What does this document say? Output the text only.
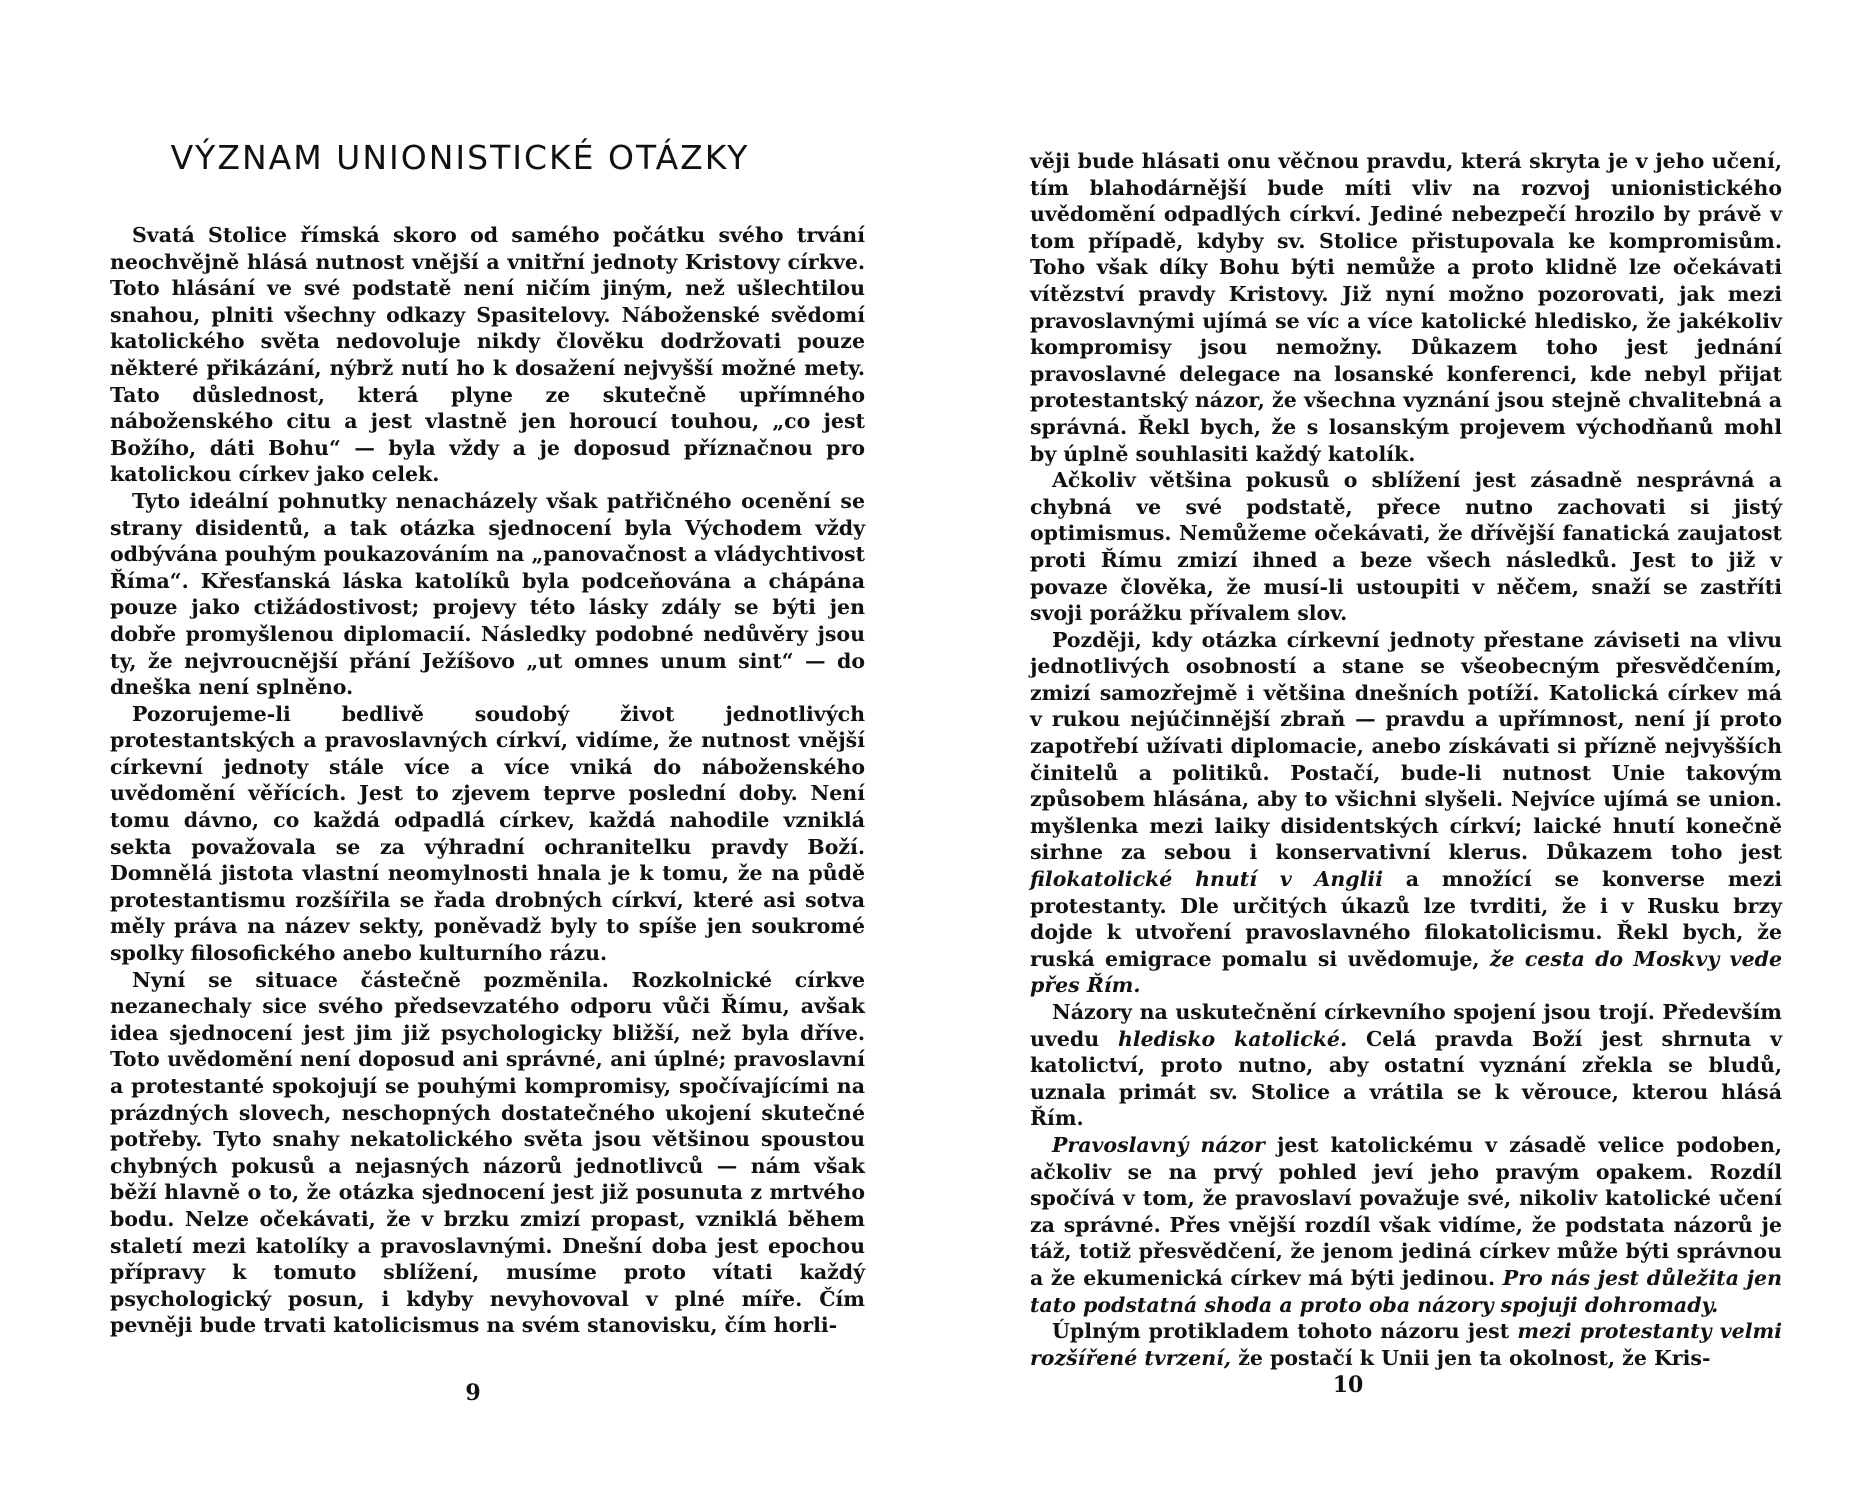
VÝZNAM UNIONISTICKÉ OTÁZKY

Svatá Stolice římská skoro od samého počátku svého trvání neochvějně hlásá nutnost vnější a vnitřní jednoty Kristovy církve. Toto hlásání ve své podstatě není ničím jiným, než ušlechtilou snahou, plniti všechny odkazy Spasitelovy. Náboženské svědomí katolického světa nedovoluje nikdy člověku dodržovati pouze některé přikázání, nýbrž nutí ho k dosažení nejvyšší možné mety. Tato důslednost, která plyne ze skutečně upřímného náboženského citu a jest vlastně jen horoucí touhou, „co jest Božího, dáti Bohu“ — byla vždy a je doposud příznačnou pro katolickou církev jako celek.

Tyto ideální pohnutky nenacházely však patřičného ocenění se strany disidentů, a tak otázka sjednocení byla Východem vždy odbývána pouhým poukazováním na „panovačnost a vládychtivost Říma“. Křesťanská láska katolíků byla podceňována a chápána pouze jako ctižádostivost; projevy této lásky zdály se býti jen dobře promyšlenou diplomacií. Následky podobné nedůvěry jsou ty, že nejvroucnější přání Ježíšovo „ut omnes unum sint“ — do dneška není splněno.

Pozorujeme-li bedlivě soudobý život jednotlivých protestantských a pravoslavných církví, vidíme, že nutnost vnější církevní jednoty stále více a více vniká do náboženského uvědomění věřících. Jest to zjevem teprve poslední doby. Není tomu dávno, co každá odpadlá církev, každá nahodile vzniklá sekta považovala se za výhradní ochranitelku pravdy Boží. Domnělá jistota vlastní neomylnosti hnala je k tomu, že na půdě protestantismu rozšířila se řada drobných církví, které asi sotva měly práva na název sekty, poněvadž byly to spíše jen soukromé spolky filosofického anebo kulturního rázu.

Nyní se situace částečně pozměnila. Rozkolnické církve nezanechaly sice svého předsevzatého odporu vůči Římu, avšak idea sjednocení jest jim již psychologicky bližší, než byla dříve. Toto uvědomění není doposud ani správné, ani úplné; pravoslavní a protestanté spokojují se pouhými kompromisy, spočívajícími na prázdných slovech, neschopných dostatečného ukojení skutečné potřeby. Tyto snahy nekatolického světa jsou většinou spoustou chybných pokusů a nejasných názorů jednotlivců — nám však běží hlavně o to, že otázka sjednocení jest již posunuta z mrtvého bodu. Nelze očekávati, že v brzku zmizí propast, vzniklá během staletí mezi katolíky a pravoslavnými. Dnešní doba jest epochou přípravy k tomuto sblížení, musíme proto vítati každý psychologický posun, i kdyby nevyhovoval v plné míře. Čím pevněji bude trvati katolicismus na svém stanovisku, čím horli-

9

věji bude hlásati onu věčnou pravdu, která skryta je v jeho učení, tím blahodárnější bude míti vliv na rozvoj unionistického uvědomění odpadlých církví. Jediné nebezpečí hrozilo by právě v tom případě, kdyby sv. Stolice přistupovala ke kompromisům. Toho však díky Bohu býti nemůže a proto klidně lze očekávati vítězství pravdy Kristovy. Již nyní možno pozorovati, jak mezi pravoslavnými ujímá se víc a více katolické hledisko, že jakékoliv kompromisy jsou nemožny. Důkazem toho jest jednání pravoslavné delegace na losanské konferenci, kde nebyl přijat protestantský názor, že všechna vyznání jsou stejně chvalitebná a správná. Řekl bych, že s losanským projevem východňanů mohl by úplně souhlasiti každý katolík.

Ačkoliv většina pokusů o sblížení jest zásadně nesprávná a chybná ve své podstatě, přece nutno zachovati si jistý optimismus. Nemůžeme očekávati, že dřívější fanatická zaujatost proti Římu zmizí ihned a beze všech následků. Jest to již v povaze člověka, že musí-li ustoupiti v něčem, snaží se zastříti svoji porážku přívalem slov.

Později, kdy otázka církevní jednoty přestane záviseti na vlivu jednotlivých osobností a stane se všeobecným přesvědčením, zmizí samozřejmě i většina dnešních potíží. Katolická církev má v rukou nejúčinnější zbraň — pravdu a upřímnost, není jí proto zapotřebí užívati diplomacie, anebo získávati si přízně nejvyšších činitelů a politiků. Postačí, bude-li nutnost Unie takovým způsobem hlásána, aby to všichni slyšeli. Nejvíce ujímá se union. myšlenka mezi laiky disidentských církví; laické hnutí konečně sirhne za sebou i konservativní klerus. Důkazem toho jest filokatolické hnutí v Anglii a množící se konverse mezi protestanty. Dle určitých úkazů lze tvrditi, že i v Rusku brzy dojde k utvoření pravoslavného filokatolicismu. Řekl bych, že ruská emigrace pomalu si uvědomuje, že cesta do Moskvy vede přes Řím.

Názory na uskutečnění církevního spojení jsou trojí. Především uvedu hledisko katolické. Celá pravda Boží jest shrnuta v katolictví, proto nutno, aby ostatní vyznání zřekla se bludů, uznala primát sv. Stolice a vrátila se k věrouce, kterou hlásá Řím.

Pravoslavný názor jest katolickému v zásadě velice podoben, ačkoliv se na prvý pohled jeví jeho pravým opakem. Rozdíl spočívá v tom, že pravoslaví považuje své, nikoliv katolické učení za správné. Přes vnější rozdíl však vidíme, že podstata názorů je táž, totiž přesvědčení, že jenom jediná církev může býti správnou a že ekumenická církev má býti jedinou. Pro nás jest důležita jen tato podstatná shoda a proto oba názory spojuji dohromady.

Úplným protikladem tohoto názoru jest mezi protestanty velmi rozšířené tvrzení, že postačí k Unii jen ta okolnost, že Kris-

10
